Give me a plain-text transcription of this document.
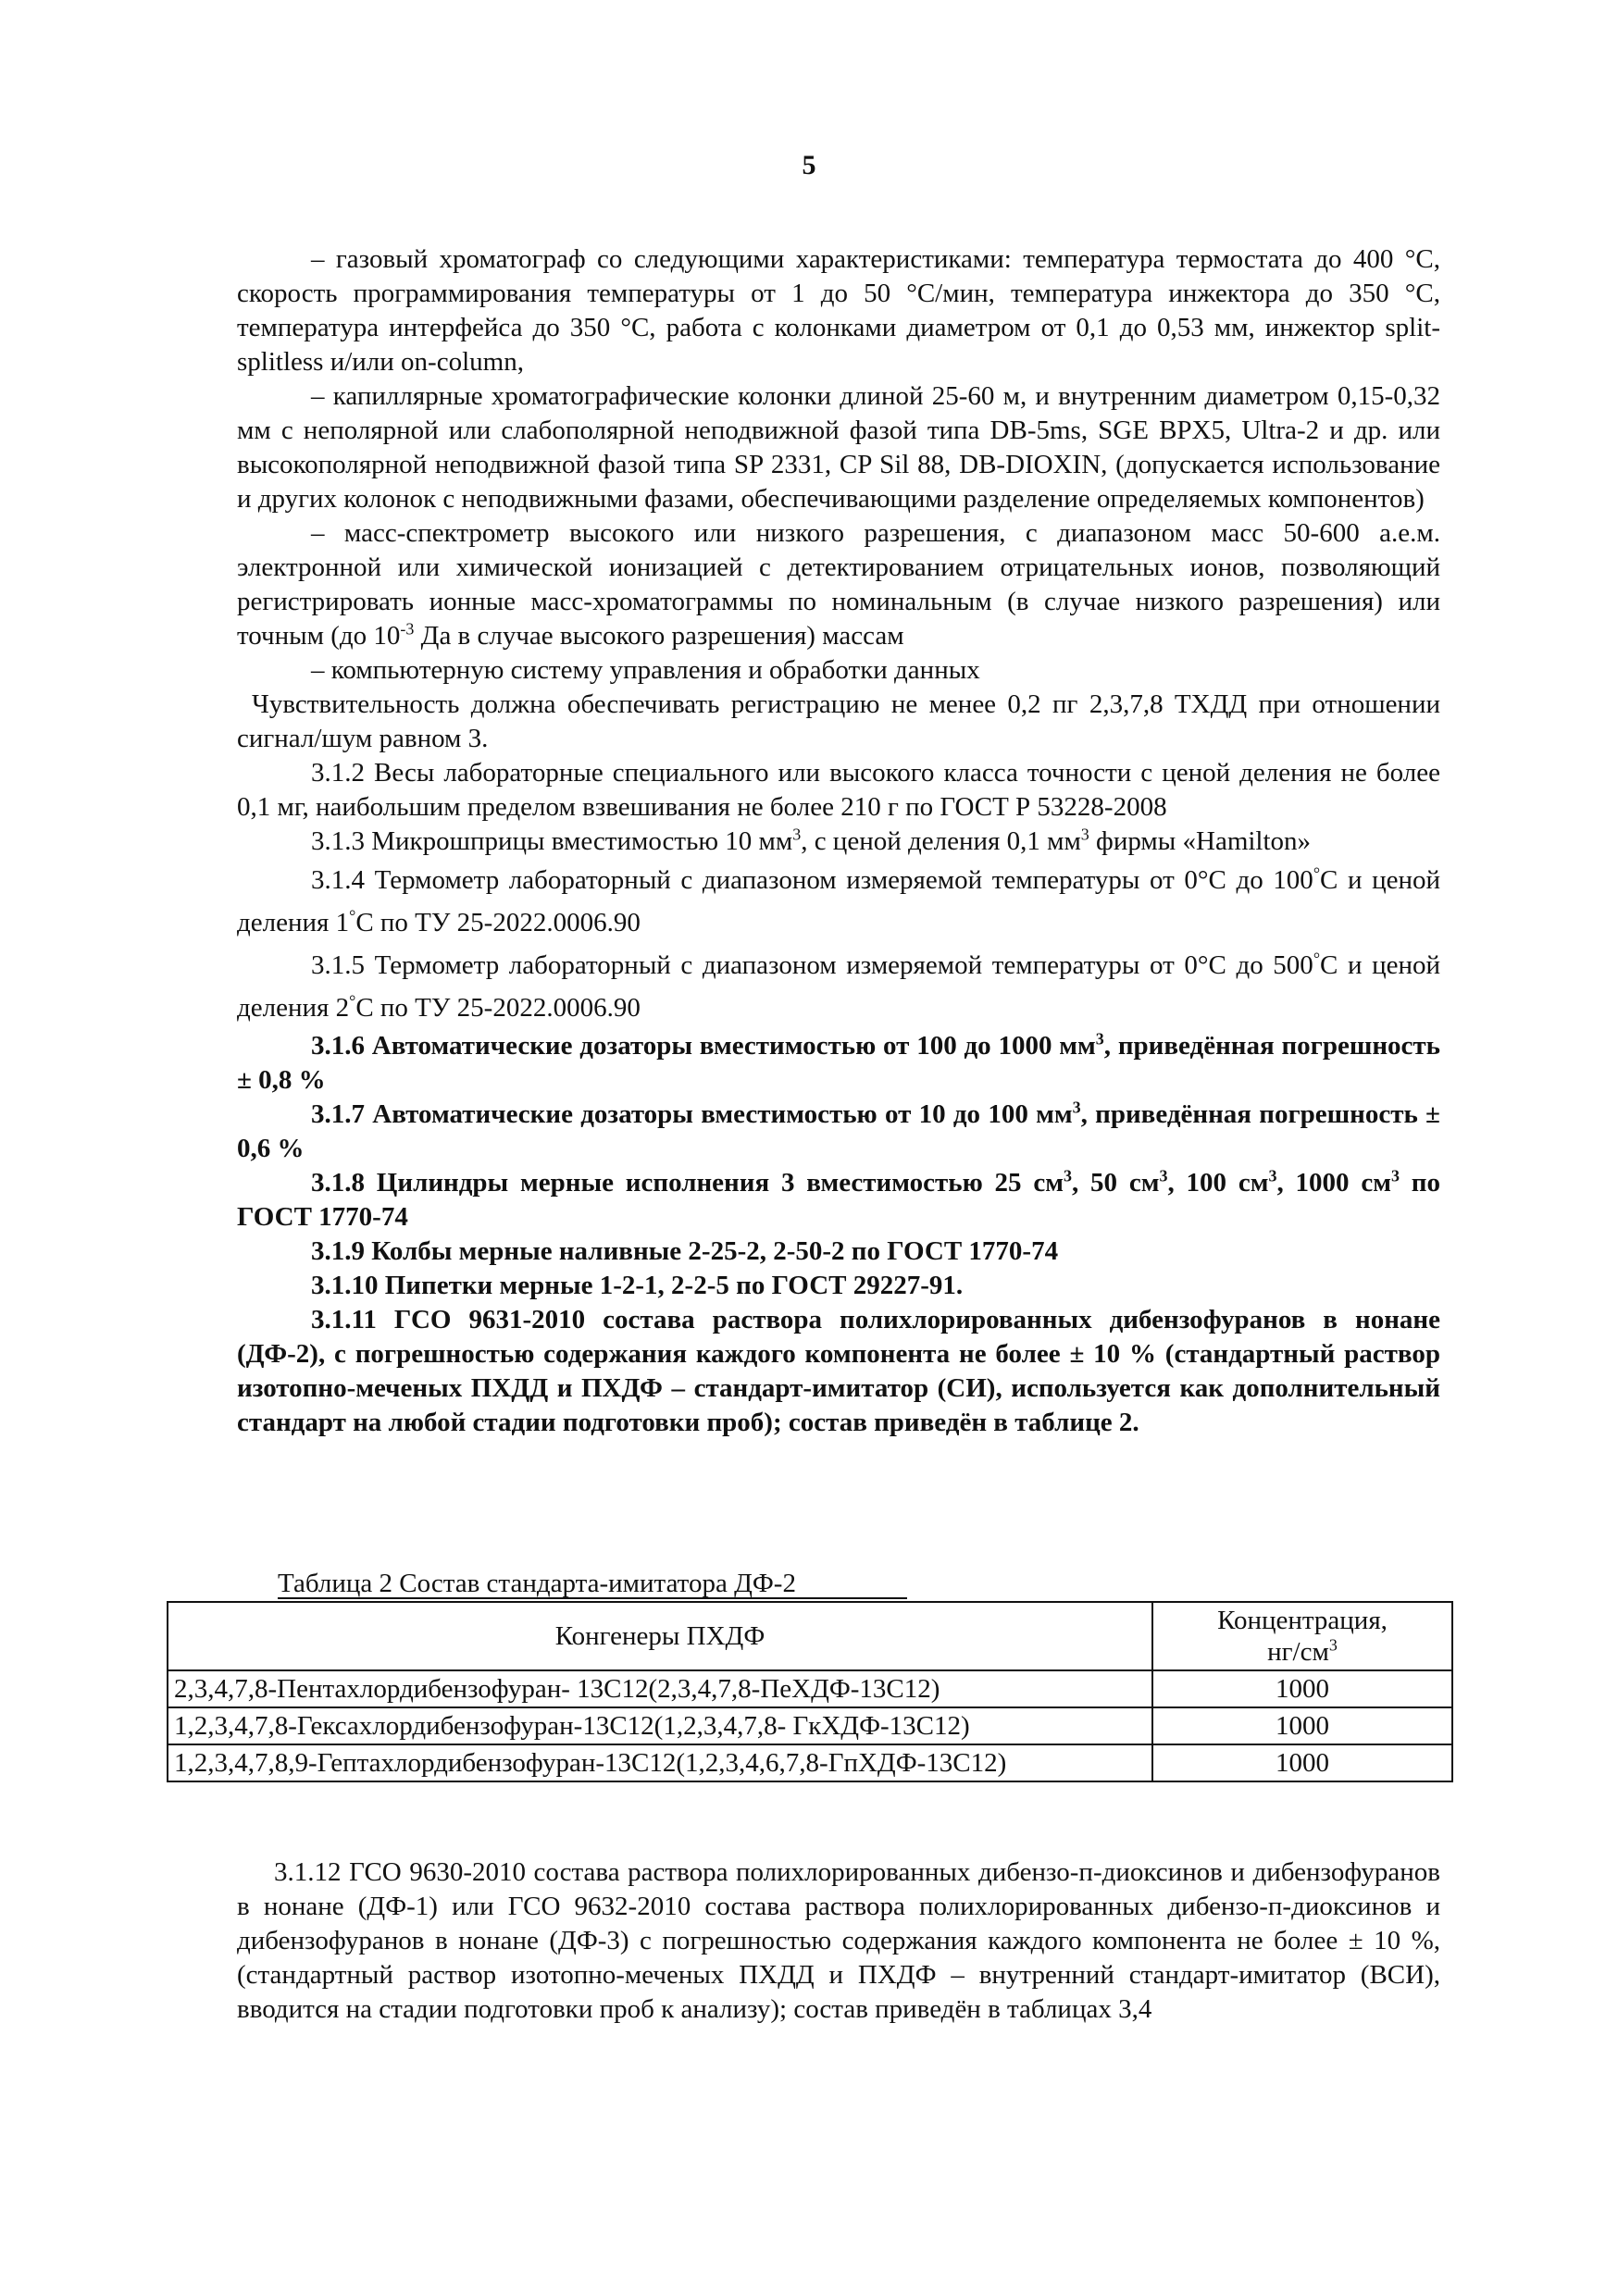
5

– газовый хроматограф со следующими характеристиками: температура термостата до 400 °С, скорость программирования температуры от 1 до 50 °С/мин, температура инжектора до 350 °С, температура интерфейса до 350 °С, работа с колонками диаметром от 0,1 до 0,53 мм, инжектор split-splitless и/или on-column,

– капиллярные хроматографические колонки длиной 25-60 м, и внутренним диаметром 0,15-0,32 мм с неполярной или слабополярной неподвижной фазой типа DB-5ms, SGE BPX5, Ultra-2 и др. или высокополярной неподвижной фазой типа SP 2331, CP Sil 88, DB-DIOXIN, (допускается использование и других колонок с неподвижными фазами, обеспечивающими разделение определяемых компонентов)

– масс-спектрометр высокого или низкого разрешения, с диапазоном масс 50-600 а.е.м. электронной или химической ионизацией с детектированием отрицательных ионов, позволяющий регистрировать ионные масс-хроматограммы по номинальным (в случае низкого разрешения) или точным (до $10^{-3}$ Да в случае высокого разрешения) массам

– компьютерную систему управления и обработки данных

Чувствительность должна обеспечивать регистрацию не менее 0,2 пг 2,3,7,8 ТХДД при отношении сигнал/шум равном 3.

3.1.2 Весы лабораторные специального или высокого класса точности с ценой деления не более 0,1 мг, наибольшим пределом взвешивания не более 210 г по ГОСТ Р 53228-2008

3.1.3 Микрошприцы вместимостью 10 $мм^3$, с ценой деления 0,1 $мм^3$ фирмы «Hamilton»

3.1.4 Термометр лабораторный с диапазоном измеряемой температуры от 0°С до 100°С и ценой деления 1°С по ТУ 25-2022.0006.90

3.1.5 Термометр лабораторный с диапазоном измеряемой температуры от 0°С до 500°С и ценой деления 2°С по ТУ 25-2022.0006.90

3.1.6 Автоматические дозаторы вместимостью от 100 до 1000 $мм^3$, приведённая погрешность ± 0,8 %

3.1.7 Автоматические дозаторы вместимостью от 10 до 100 $мм^3$, приведённая погрешность ± 0,6 %

3.1.8 Цилиндры мерные исполнения 3 вместимостью 25 $см^3$, 50 $см^3$, 100 $см^3$, 1000 $см^3$ по ГОСТ 1770-74

3.1.9 Колбы мерные наливные 2-25-2, 2-50-2 по ГОСТ 1770-74

3.1.10 Пипетки мерные 1-2-1, 2-2-5 по ГОСТ 29227-91.

3.1.11 ГСО 9631-2010 состава раствора полихлорированных дибензофуранов в нонане (ДФ-2), с погрешностью содержания каждого компонента не более ± 10 % (стандартный раствор изотопно-меченых ПХДД и ПХДФ – стандарт-имитатор (СИ), используется как дополнительный стандарт на любой стадии подготовки проб); состав приведён в таблице 2.

Таблица 2 Состав стандарта-имитатора ДФ-2
Конгенеры ПХДФ	Концентрация,
$нг/см^3$
2,3,4,7,8-Пентахлордибензофуран- 13С12(2,3,4,7,8-ПеХДФ-13С12)	1000
1,2,3,4,7,8-Гексахлордибензофуран-13С12(1,2,3,4,7,8- ГкХДФ-13С12)	1000
1,2,3,4,7,8,9-Гептахлордибензофуран-13С12(1,2,3,4,6,7,8-ГпХДФ-13С12)	1000

3.1.12 ГСО 9630-2010 состава раствора полихлорированных дибензо-п-диоксинов и дибензофуранов в нонане (ДФ-1) или ГСО 9632-2010 состава раствора полихлорированных дибензо-п-диоксинов и дибензофуранов в нонане (ДФ-3) с погрешностью содержания каждого компонента не более ± 10 %, (стандартный раствор изотопно-меченых ПХДД и ПХДФ – внутренний стандарт-имитатор (ВСИ), вводится на стадии подготовки проб к анализу); состав приведён в таблицах 3,4
